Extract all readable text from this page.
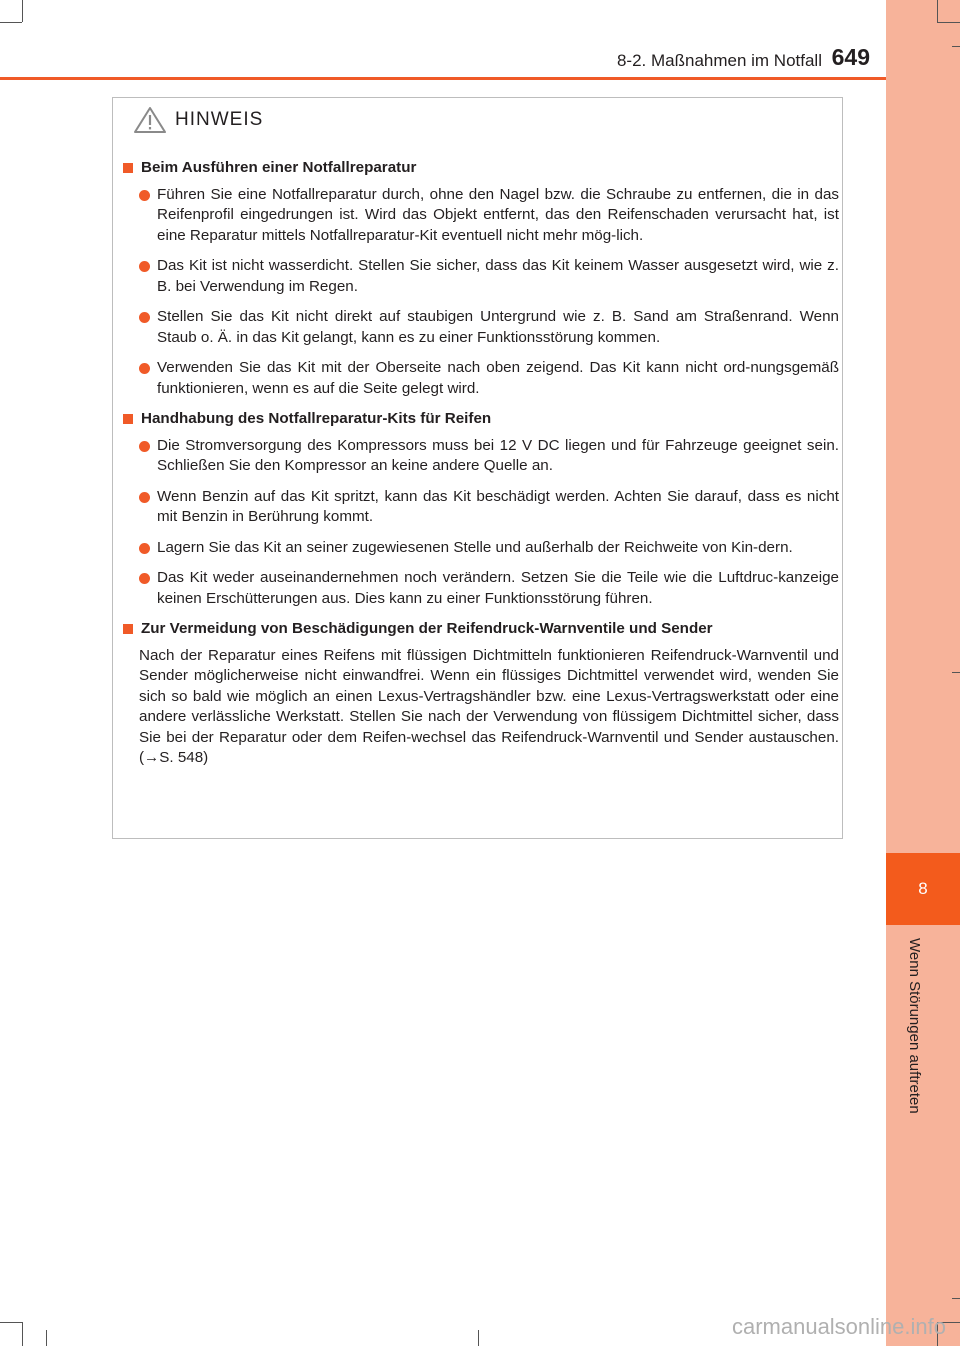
8
Wenn Störungen auftreten
8-2. Maßnahmen im Notfall 649
HINWEIS
Beim Ausführen einer Notfallreparatur
Führen Sie eine Notfallreparatur durch, ohne den Nagel bzw. die Schraube zu entfernen, die in das Reifenprofil eingedrungen ist. Wird das Objekt entfernt, das den Reifenschaden verursacht hat, ist eine Reparatur mittels Notfallreparatur-Kit eventuell nicht mehr mög-lich.
Das Kit ist nicht wasserdicht. Stellen Sie sicher, dass das Kit keinem Wasser ausgesetzt wird, wie z. B. bei Verwendung im Regen.
Stellen Sie das Kit nicht direkt auf staubigen Untergrund wie z. B. Sand am Straßenrand. Wenn Staub o. Ä. in das Kit gelangt, kann es zu einer Funktionsstörung kommen.
Verwenden Sie das Kit mit der Oberseite nach oben zeigend. Das Kit kann nicht ord-nungsgemäß funktionieren, wenn es auf die Seite gelegt wird.
Handhabung des Notfallreparatur-Kits für Reifen
Die Stromversorgung des Kompressors muss bei 12 V DC liegen und für Fahrzeuge geeignet sein. Schließen Sie den Kompressor an keine andere Quelle an.
Wenn Benzin auf das Kit spritzt, kann das Kit beschädigt werden. Achten Sie darauf, dass es nicht mit Benzin in Berührung kommt.
Lagern Sie das Kit an seiner zugewiesenen Stelle und außerhalb der Reichweite von Kin-dern.
Das Kit weder auseinandernehmen noch verändern. Setzen Sie die Teile wie die Luftdruc-kanzeige keinen Erschütterungen aus. Dies kann zu einer Funktionsstörung führen.
Zur Vermeidung von Beschädigungen der Reifendruck-Warnventile und Sender
Nach der Reparatur eines Reifens mit flüssigen Dichtmitteln funktionieren Reifendruck-Warnventil und Sender möglicherweise nicht einwandfrei. Wenn ein flüssiges Dichtmittel verwendet wird, wenden Sie sich so bald wie möglich an einen Lexus-Vertragshändler bzw. eine Lexus-Vertragswerkstatt oder eine andere verlässliche Werkstatt. Stellen Sie nach der Verwendung von flüssigem Dichtmittel sicher, dass Sie bei der Reparatur oder dem Reifen-wechsel das Reifendruck-Warnventil und Sender austauschen. (→S. 548)
carmanualsonline.info
